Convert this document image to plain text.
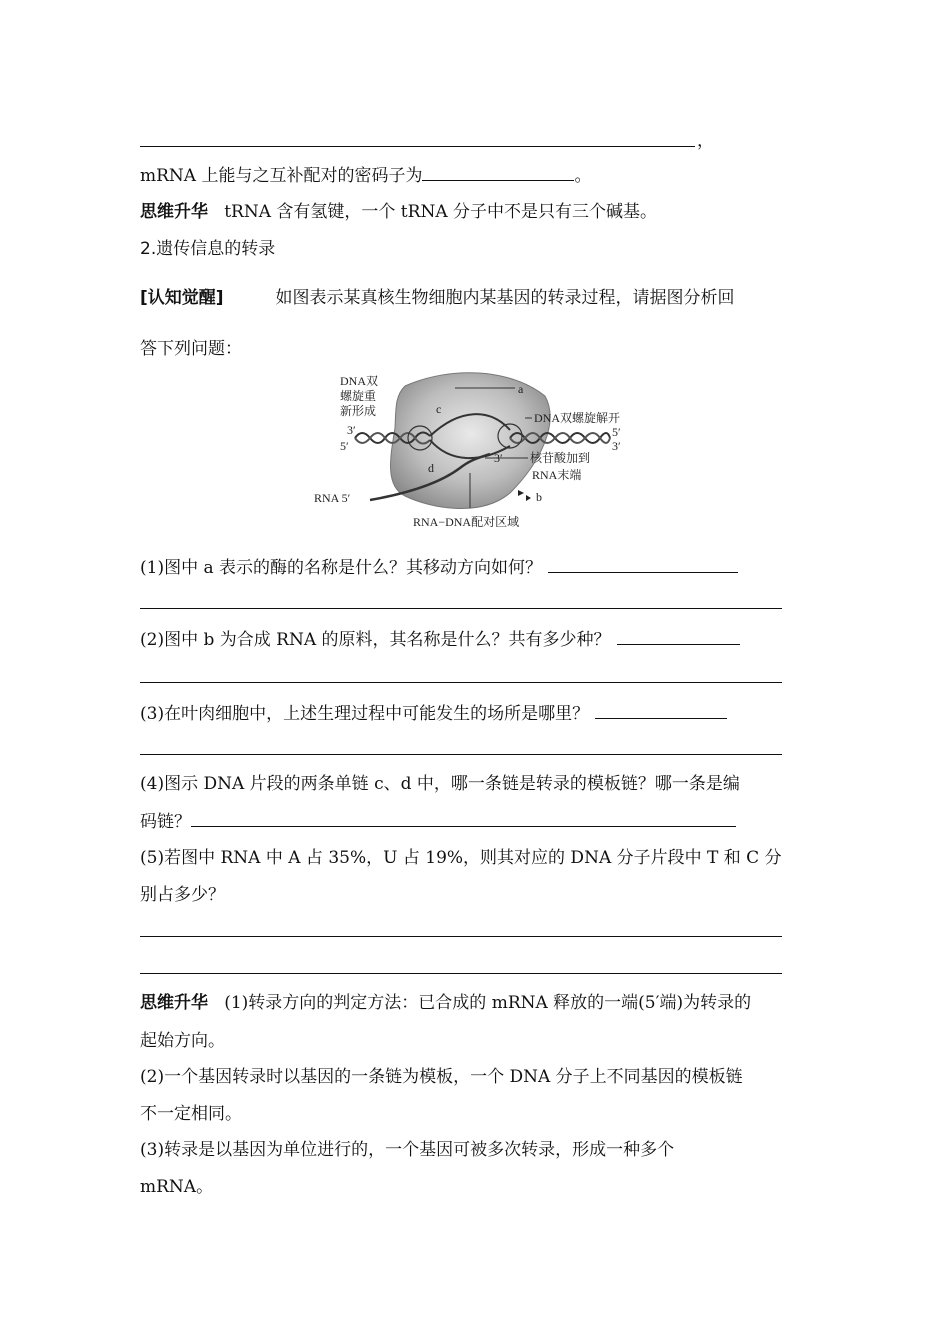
，
mRNA 上能与之互补配对的密码子为	。
思维升华 tRNA 含有氢键，一个 tRNA 分子中不是只有三个碱基。
2.遗传信息的转录
[认知觉醒]	如图表示某真核生物细胞内某基因的转录过程，请据图分析回
答下列问题：
DNA双
螺旋重
新形成
a
c
d
DNA双螺旋解开
3′
5′
5′
3′
3′ 核苷酸加到
RNA末端
b
RNA 5′
RNA−DNA配对区域
(1)图中 a 表示的酶的名称是什么？其移动方向如何？
(2)图中 b 为合成 RNA 的原料，其名称是什么？共有多少种？
(3)在叶肉细胞中，上述生理过程中可能发生的场所是哪里？
(4)图示 DNA 片段的两条单链 c、d 中，哪一条链是转录的模板链？哪一条是编
码链？
(5)若图中 RNA 中 A 占 35%，U 占 19%，则其对应的 DNA 分子片段中 T 和 C 分
别占多少？
思维升华 (1)转录方向的判定方法：已合成的 mRNA 释放的一端(5′端)为转录的
起始方向。
(2)一个基因转录时以基因的一条链为模板，一个 DNA 分子上不同基因的模板链
不一定相同。
(3)转录是以基因为单位进行的，一个基因可被多次转录，形成一种多个
mRNA。
